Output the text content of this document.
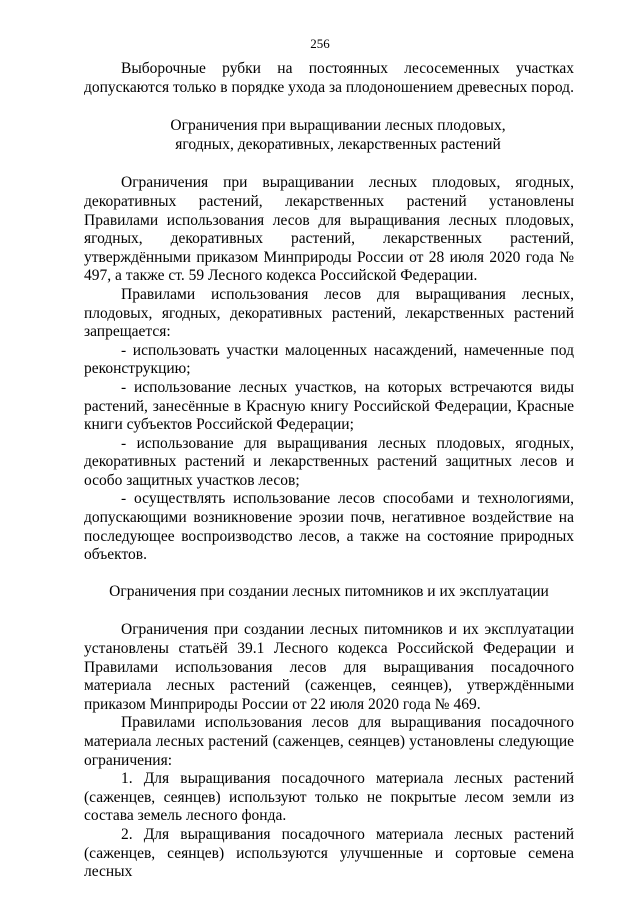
256

Выборочные рубки на постоянных лесосеменных участках допускаются только в порядке ухода за плодоношением древесных пород.

Ограничения при выращивании лесных плодовых, ягодных, декоративных, лекарственных растений

Ограничения при выращивании лесных плодовых, ягодных, декоративных растений, лекарственных растений установлены Правилами использования лесов для выращивания лесных плодовых, ягодных, декоративных растений, лекарственных растений, утверждёнными приказом Минприроды России от 28 июля 2020 года № 497, а также ст. 59 Лесного кодекса Российской Федерации.

Правилами использования лесов для выращивания лесных, плодовых, ягодных, декоративных растений, лекарственных растений запрещается:

- использовать участки малоценных насаждений, намеченные под реконструкцию;

- использование лесных участков, на которых встречаются виды растений, занесённые в Красную книгу Российской Федерации, Красные книги субъектов Российской Федерации;

- использование для выращивания лесных плодовых, ягодных, декоративных растений и лекарственных растений защитных лесов и особо защитных участков лесов;

- осуществлять использование лесов способами и технологиями, допускающими возникновение эрозии почв, негативное воздействие на последующее воспроизводство лесов, а также на состояние природных объектов.

Ограничения при создании лесных питомников и их эксплуатации

Ограничения при создании лесных питомников и их эксплуатации установлены статьёй 39.1 Лесного кодекса Российской Федерации и Правилами использования лесов для выращивания посадочного материала лесных растений (саженцев, сеянцев), утверждёнными приказом Минприроды России от 22 июля 2020 года № 469.

Правилами использования лесов для выращивания посадочного материала лесных растений (саженцев, сеянцев) установлены следующие ограничения:

1. Для выращивания посадочного материала лесных растений (саженцев, сеянцев) используют только не покрытые лесом земли из состава земель лесного фонда.

2. Для выращивания посадочного материала лесных растений (саженцев, сеянцев) используются улучшенные и сортовые семена лесных
